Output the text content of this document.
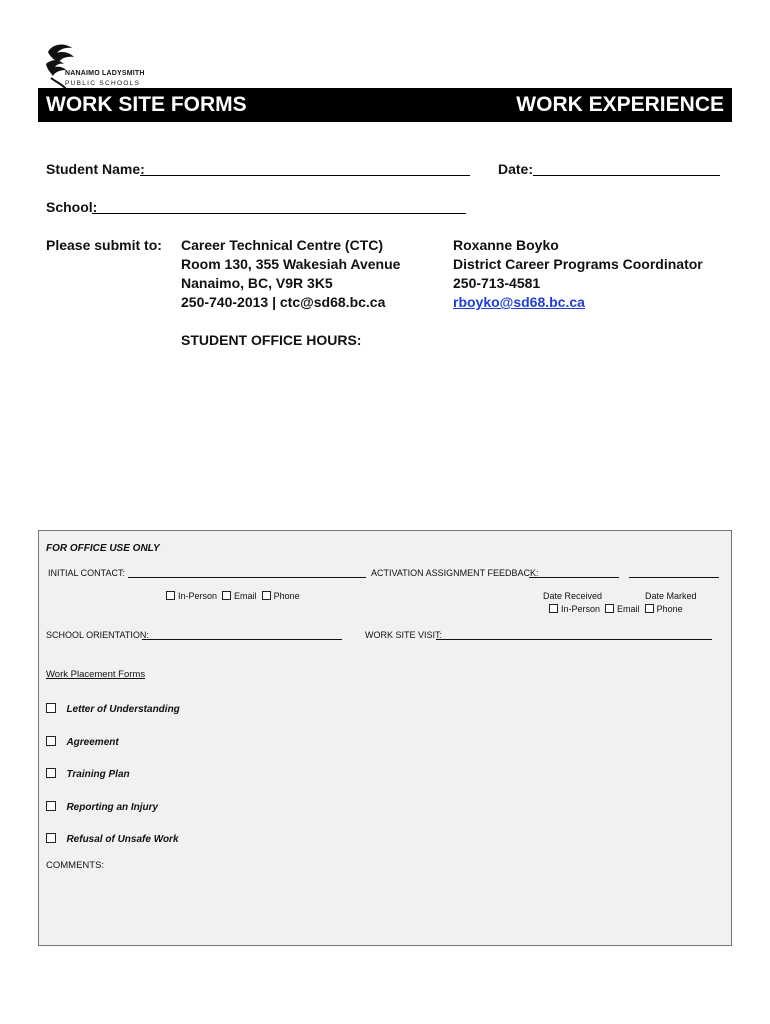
NANAIMO LADYSMITH
PUBLIC SCHOOLS
WORK SITE FORMS	WORK EXPERIENCE
Student Name:	Date:
School:
Please submit to: Career Technical Centre (CTC)
Room 130, 355 Wakesiah Avenue
Nanaimo, BC, V9R 3K5
250-740-2013 | ctc@sd68.bc.ca
Roxanne Boyko
District Career Programs Coordinator
250-713-4581
rboyko@sd68.bc.ca
STUDENT OFFICE HOURS:
FOR OFFICE USE ONLY
INITIAL CONTACT:	ACTIVATION ASSIGNMENT FEEDBACK:
In-Person Email Phone	Date Received	Date Marked
In-Person Email Phone
SCHOOL ORIENTATION:	WORK SITE VISIT:
Work Placement Forms
Letter of Understanding
Agreement
Training Plan
Reporting an Injury
Refusal of Unsafe Work
COMMENTS:
